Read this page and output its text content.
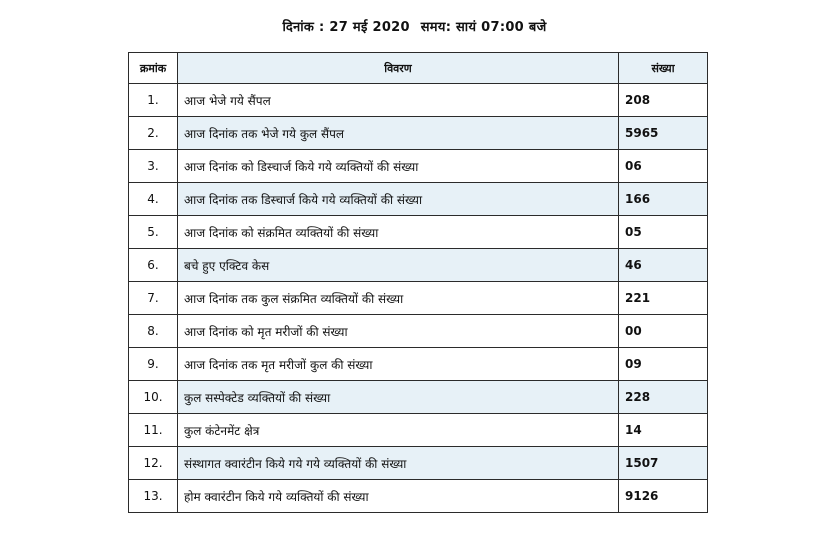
दिनांक : 27 मई 2020 समय: सायं 07:00 बजे
क्रमांक	विवरण	संख्या
1.	आज भेजे गये सैंपल	208
2.	आज दिनांक तक भेजे गये कुल सैंपल	5965
3.	आज दिनांक को डिस्चार्ज किये गये व्यक्तियों की संख्या	06
4.	आज दिनांक तक डिस्चार्ज किये गये व्यक्तियों की संख्या	166
5.	आज दिनांक को संक्रमित व्यक्तियों की संख्या	05
6.	बचे हुए एक्टिव केस	46
7.	आज दिनांक तक कुल संक्रमित व्यक्तियों की संख्या	221
8.	आज दिनांक को मृत मरीजों की संख्या	00
9.	आज दिनांक तक मृत मरीजों कुल की संख्या	09
10.	कुल सस्पेक्टेड व्यक्तियों की संख्या	228
11.	कुल कंटेनमेंट क्षेत्र	14
12.	संस्थागत क्वारंटीन किये गये गये व्यक्तियों की संख्या	1507
13.	होम क्वारंटीन किये गये व्यक्तियों की संख्या	9126
